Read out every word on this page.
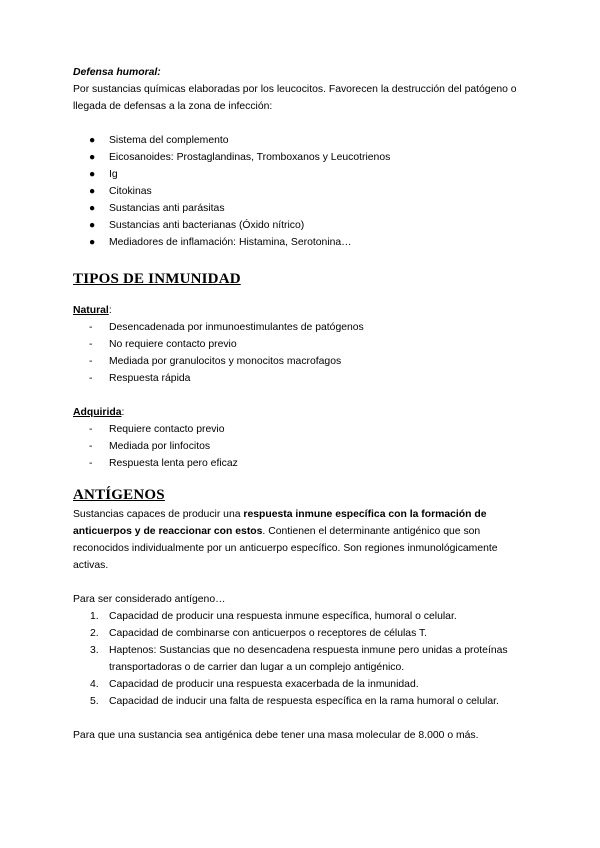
Defensa humoral:

Por sustancias químicas elaboradas por los leucocitos. Favorecen la destrucción del patógeno o llegada de defensas a la zona de infección:

● Sistema del complemento
● Eicosanoides: Prostaglandinas, Tromboxanos y Leucotrienos
● Ig
● Citokinas
● Sustancias anti parásitas
● Sustancias anti bacterianas (Óxido nítrico)
● Mediadores de inflamación: Histamina, Serotonina…
TIPOS DE INMUNIDAD

Natural:

- Desencadenada por inmunoestimulantes de patógenos
- No requiere contacto previo
- Mediada por granulocitos y monocitos macrofagos
- Respuesta rápida

Adquirida:

- Requiere contacto previo
- Mediada por linfocitos
- Respuesta lenta pero eficaz
ANTÍGENOS

Sustancias capaces de producir una respuesta inmune específica con la formación de anticuerpos y de reaccionar con estos. Contienen el determinante antigénico que son reconocidos individualmente por un anticuerpo específico. Son regiones inmunológicamente activas.

Para ser considerado antígeno…

1. Capacidad de producir una respuesta inmune específica, humoral o celular.
2. Capacidad de combinarse con anticuerpos o receptores de células T.
3. Haptenos: Sustancias que no desencadena respuesta inmune pero unidas a proteínas transportadoras o de carrier dan lugar a un complejo antigénico.
4. Capacidad de producir una respuesta exacerbada de la inmunidad.
5. Capacidad de inducir una falta de respuesta específica en la rama humoral o celular.

Para que una sustancia sea antigénica debe tener una masa molecular de 8.000 o más.
